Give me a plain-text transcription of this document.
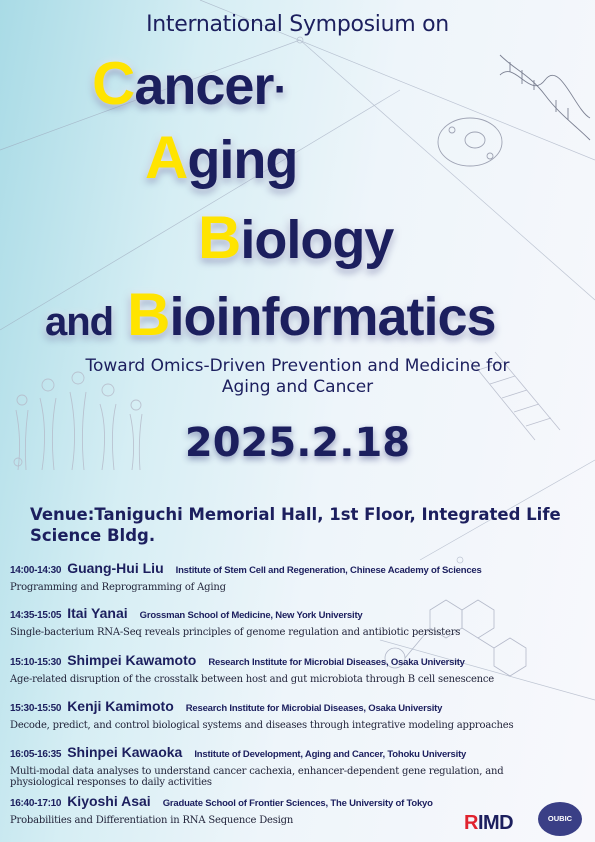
International Symposium on
Cancer·
Aging
Biology
and Bioinformatics
Toward Omics-Driven Prevention and Medicine for
Aging and Cancer
2025.2.18
Venue:Taniguchi Memorial Hall, 1st Floor, Integrated Life Science Bldg.
14:00-14:30 Guang-Hui Liu Institute of Stem Cell and Regeneration, Chinese Academy of Sciences
Programming and Reprogramming of Aging
14:35-15:05 Itai Yanai Grossman School of Medicine, New York University
Single-bacterium RNA-Seq reveals principles of genome regulation and antibiotic persisters
15:10-15:30 Shimpei Kawamoto Research Institute for Microbial Diseases, Osaka University
Age-related disruption of the crosstalk between host and gut microbiota through B cell senescence
15:30-15:50 Kenji Kamimoto Research Institute for Microbial Diseases, Osaka University
Decode, predict, and control biological systems and diseases through integrative modeling approaches
16:05-16:35 Shinpei Kawaoka Institute of Development, Aging and Cancer, Tohoku University
Multi-modal data analyses to understand cancer cachexia, enhancer-dependent gene regulation, and physiological responses to daily activities
16:40-17:10 Kiyoshi Asai Graduate School of Frontier Sciences, The University of Tokyo
Probabilities and Differentiation in RNA Sequence Design	RIMD	OUBIC
